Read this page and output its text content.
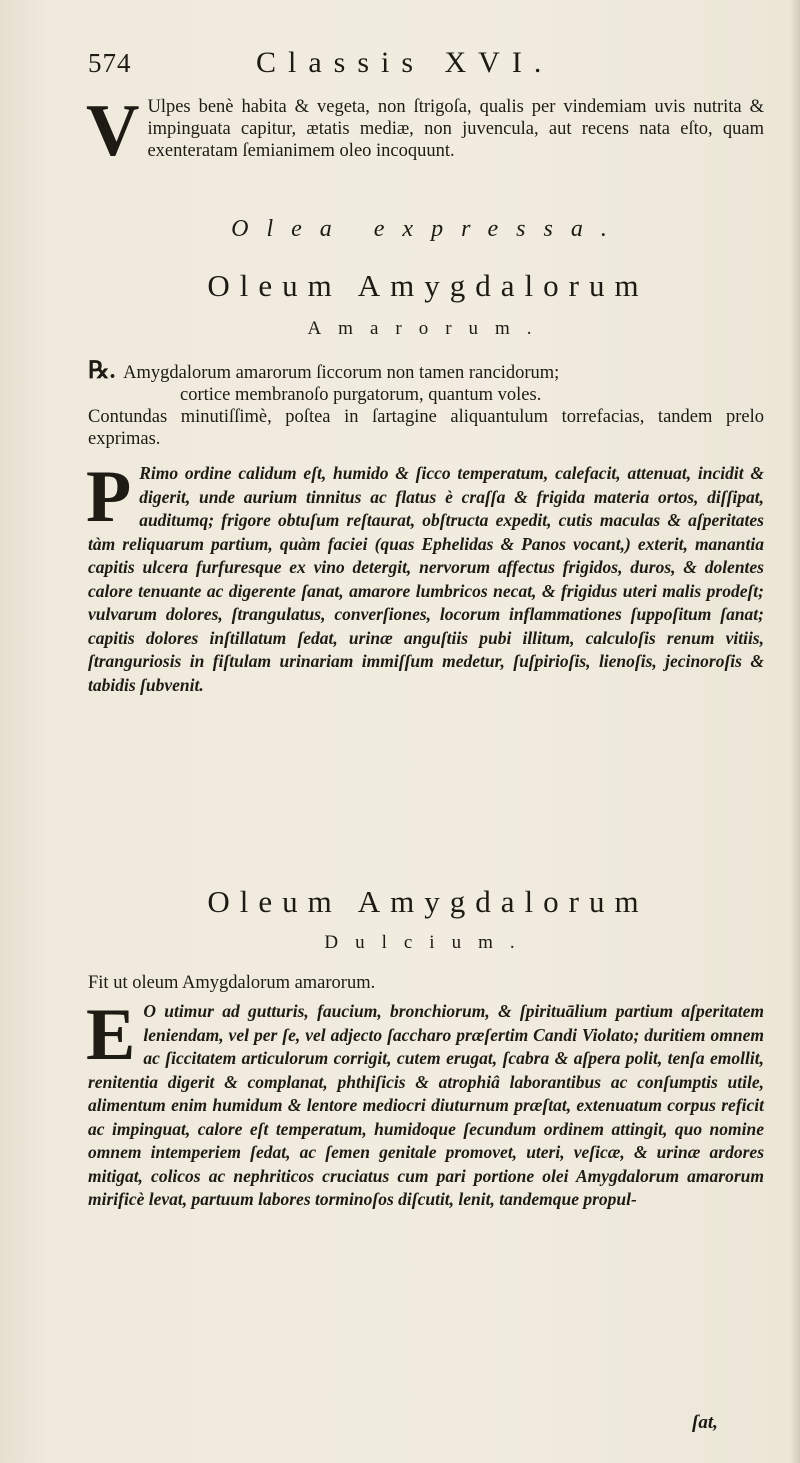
574	Classis XVI.
V Ulpes benè habita & vegeta, non ſtrigoſa, qualis per vindemiam uvis nutrita & impinguata capitur, ætatis mediæ, non juvencula, aut recens nata eſto, quam exenteratam ſemianimem oleo incoquunt.
Olea expressa.
Oleum Amygdalorum
Amarorum.
℞. Amygdalorum amarorum ſiccorum non tamen rancidorum;
cortice membranoſo purgatorum, quantum voles.
Contundas minutiſſimè, poſtea in ſartagine aliquantulum torrefacias, tandem prelo exprimas.
P Rimo ordine calidum eſt, humido & ſicco temperatum, calefacit, attenuat, incidit & digerit, unde aurium tinnitus ac flatus è craſſa & frigida materia ortos, diſſipat, auditumq; frigore obtuſum reſtaurat, obſtructa expedit, cutis maculas & aſperitates tàm reliquarum partium, quàm faciei (quas Ephelidas & Panos vocant,) exterit, manantia capitis ulcera furfuresque ex vino detergit, nervorum affectus frigidos, duros, & dolentes calore tenuante ac digerente ſanat, amarore lumbricos necat, & frigidus uteri malis prodeſt; vulvarum dolores, ſtrangulatus, converſiones, locorum inflammationes ſuppoſitum ſanat; capitis dolores inſtillatum ſedat, urinæ anguſtiis pubi illitum, calculoſis renum vitiis, ſtranguriosis in fiſtulam urinariam immiſſum medetur, ſuſpirioſis, lienoſis, jecinoroſis & tabidis ſubvenit.
Oleum Amygdalorum
Dulcium.
Fit ut oleum Amygdalorum amarorum.
E O utimur ad gutturis, faucium, bronchiorum, & ſpirituālium partium aſperitatem leniendam, vel per ſe, vel adjecto ſaccharo præſertim Candi Violato; duritiem omnem ac ſiccitatem articulorum corrigit, cutem erugat, ſcabra & aſpera polit, tenſa emollit, renitentia digerit & complanat, phthiſicis & atrophiâ laborantibus ac conſumptis utile, alimentum enim humidum & lentore mediocri diuturnum præſtat, extenuatum corpus reficit ac impinguat, calore eſt temperatum, humidoque ſecundum ordinem attingit, quo nomine omnem intemperiem ſedat, ac ſemen genitale promovet, uteri, veſicæ, & urinæ ardores mitigat, colicos ac nephriticos cruciatus cum pari portione olei Amygdalorum amarorum mirificè levat, partuum labores torminoſos diſcutit, lenit, tandemque propul-
ſat,
